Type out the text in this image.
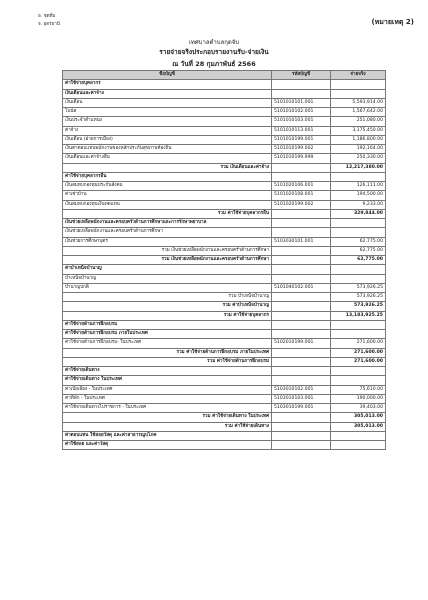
อ. ชุดที่ม
จ. อุดรธานี	(หมายเหตุ 2)
เทศบาลตำบลกุดจับ
รายจ่ายจริงประกอบรายงานรับ-จ่ายเงิน
ณ วันที่ 28 กุมภาพันธ์ 2566
ชื่อบัญชี	รหัสบัญชี	จ่ายจริง
ค่าใช้จ่ายบุคลากร		
เงินเดือนและค่าจ้าง		
เงินเดือน	5101010101.001	5,593,914.00
โบนัส	5101010102.001	1,567,642.00
เงินประจำตำแหน่ง	5101010103.001	251,080.00
ค่าจ้าง	5101010113.001	3,175,450.00
เงินเดือน (ฝ่ายการเมือง)	5101010199.001	1,186,800.00
เงินค่าตอบแทนพนักงานของหลักประกันสุขภาพท้องถิ่น	5101010199.002	192,164.00
เงินเดือนและค่าจ้างอื่น	5101010199.999	250,330.00
รวม เงินเดือนและค่าจ้าง		12,217,380.00
ค่าใช้จ่ายบุคลากรอื่น		
เงินสมทบกองทุนประกันสังคม	5101020106.001	126,111.00
ค่าเช่าบ้าน	5101020108.001	194,500.00
เงินสมทบกองทุนเงินทดแทน	5101020199.002	9,233.00
รวม ค่าใช้จ่ายบุคลากรอื่น		329,844.00
เงินช่วยเหลือพนักงานและครอบครัวด้านการศึกษาและการรักษาพยาบาล		
เงินช่วยเหลือพนักงานและครอบครัวด้านการศึกษา		
เงินช่วยการศึกษาบุตร	5103030101.001	62,775.00
รวม เงินช่วยเหลือพนักงานและครอบครัวด้านการศึกษา		62,775.00
รวม เงินช่วยเหลือพนักงานและครอบครัวด้านการศึกษา		62,775.00
ค่าบำเหน็จบำนาญ		
บำเหน็จบำนาญ		
บำนาญปกติ	5101040102.001	573,926.25
รวม บำเหน็จบำนาญ		573,926.25
รวม ค่าบำเหน็จบำนาญ		573,926.25
รวม ค่าใช้จ่ายบุคลากร		13,183,925.25
ค่าใช้จ่ายด้านการฝึกอบรม		
ค่าใช้จ่ายด้านการฝึกอบรม ภายในประเทศ		
ค่าใช้จ่ายด้านการฝึกอบรม- ในประเทศ	5102010199.001	271,600.00
รวม ค่าใช้จ่ายด้านการฝึกอบรม ภายในประเทศ		271,600.00
รวม ค่าใช้จ่ายด้านการฝึกอบรม		271,600.00
ค่าใช้จ่ายเดินทาง		
ค่าใช้จ่ายเดินทาง ในประเทศ		
ค่าเบี้ยเลี้ยง - ในประเทศ	5103010102.001	75,610.00
ค่าที่พัก - ในประเทศ	5103010103.001	190,000.00
ค่าใช้จ่ายเดินทางไปราชการ - ในประเทศ	5103010199.001	39,403.00
รวม ค่าใช้จ่ายเดินทาง ในประเทศ		305,013.00
รวม ค่าใช้จ่ายเดินทาง		305,013.00
ค่าตอบแทน ใช้สอยวัสดุ และค่าสาธารณูปโภค		
ค่าใช้สอย และค่าวัสดุ		
